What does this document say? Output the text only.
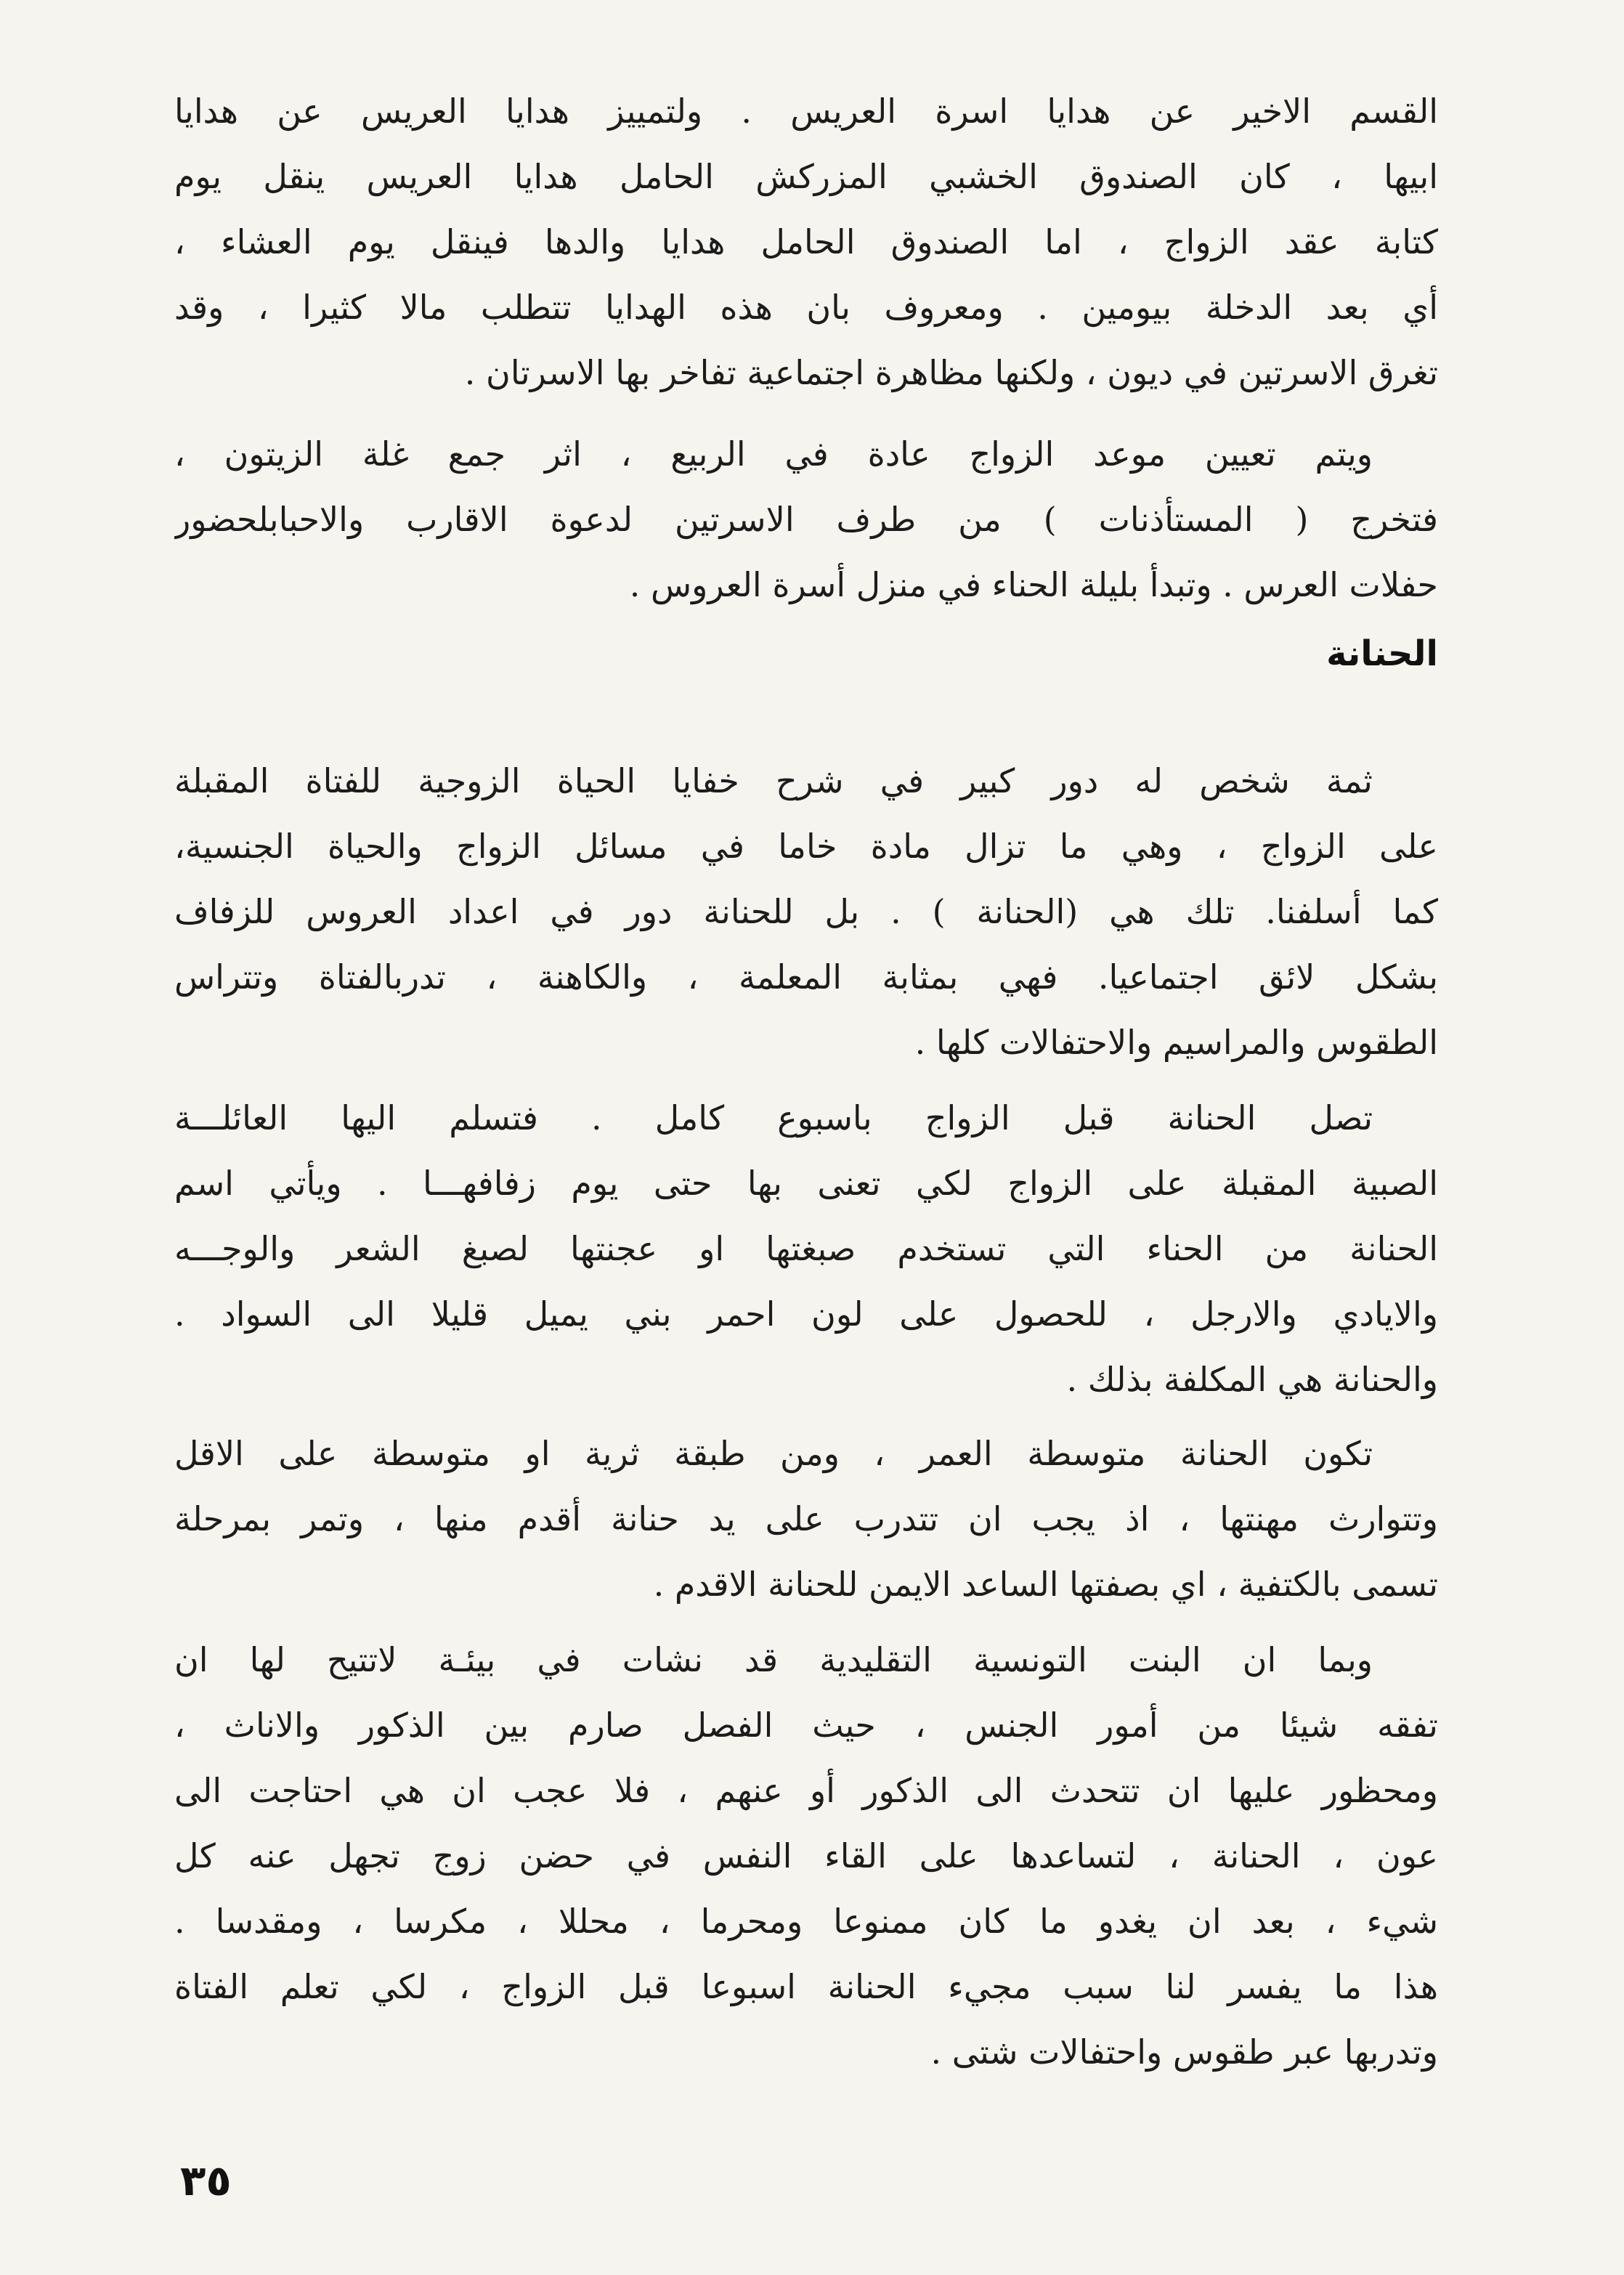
القسم الاخير عن هدايا اسرة العريس . ولتمييز هدايا العريس عن هدايا
ابيها ، كان الصندوق الخشبي المزركش الحامل هدايا العريس ينقل يوم
كتابة عقد الزواج ، اما الصندوق الحامل هدايا والدها فينقل يوم العشاء ،
أي بعد الدخلة بيومين . ومعروف بان هذه الهدايا تتطلب مالا كثيرا ، وقد
تغرق الاسرتين في ديون ، ولكنها مظاهرة اجتماعية تفاخر بها الاسرتان .
ويتم تعيين موعد الزواج عادة في الربيع ، اثر جمع غلة الزيتون ،
فتخرج ( المستأذنات ) من طرف الاسرتين لدعوة الاقارب والاحبابلحضور
حفلات العرس . وتبدأ بليلة الحناء في منزل أسرة العروس .
الحنانة
ثمة شخص له دور كبير في شرح خفايا الحياة الزوجية للفتاة المقبلة
على الزواج ، وهي ما تزال مادة خاما في مسائل الزواج والحياة الجنسية،
كما أسلفنا. تلك هي (الحنانة ) . بل للحنانة دور في اعداد العروس للزفاف
بشكل لائق اجتماعيا. فهي بمثابة المعلمة ، والكاهنة ، تدربالفتاة وتتراس
الطقوس والمراسيم والاحتفالات كلها .
تصل الحنانة قبل الزواج باسبوع كامل . فتسلم اليها العائلـــة
الصبية المقبلة على الزواج لكي تعنى بها حتى يوم زفافهـــا . ويأتي اسم
الحنانة من الحناء التي تستخدم صبغتها او عجنتها لصبغ الشعر والوجـــه
والايادي والارجل ، للحصول على لون احمر بني يميل قليلا الى السواد .
والحنانة هي المكلفة بذلك .
تكون الحنانة متوسطة العمر ، ومن طبقة ثرية او متوسطة على الاقل
وتتوارث مهنتها ، اذ يجب ان تتدرب على يد حنانة أقدم منها ، وتمر بمرحلة
تسمى بالكتفية ، اي بصفتها الساعد الايمن للحنانة الاقدم .
وبما ان البنت التونسية التقليدية قد نشات في بيئـة لاتتيح لها ان
تفقه شيئا من أمور الجنس ، حيث الفصل صارم بين الذكور والاناث ،
ومحظور عليها ان تتحدث الى الذكور أو عنهم ، فلا عجب ان هي احتاجت الى
عون ، الحنانة ، لتساعدها على القاء النفس في حضن زوج تجهل عنه كل
شيء ، بعد ان يغدو ما كان ممنوعا ومحرما ، محللا ، مكرسا ، ومقدسا .
هذا ما يفسر لنا سبب مجيء الحنانة اسبوعا قبل الزواج ، لكي تعلم الفتاة
وتدربها عبر طقوس واحتفالات شتى .
٣٥
